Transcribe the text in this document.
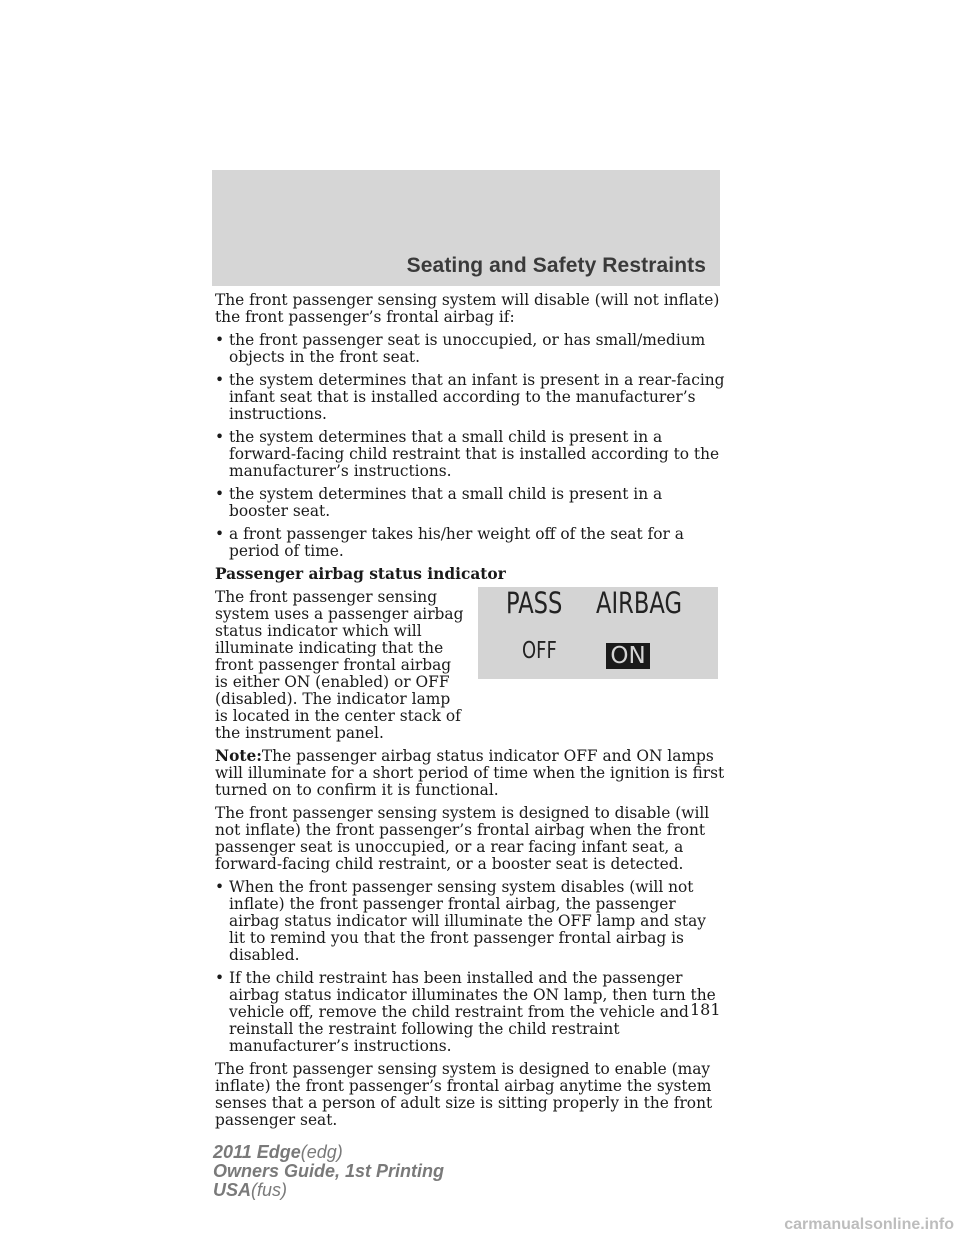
Seating and Safety Restraints

The front passenger sensing system will disable (will not inflate) the front passenger’s frontal airbag if:

• the front passenger seat is unoccupied, or has small/medium objects in the front seat.
• the system determines that an infant is present in a rear-facing infant seat that is installed according to the manufacturer’s instructions.
• the system determines that a small child is present in a forward-facing child restraint that is installed according to the manufacturer’s instructions.
• the system determines that a small child is present in a booster seat.
• a front passenger takes his/her weight off of the seat for a period of time.
Passenger airbag status indicator

The front passenger sensing system uses a passenger airbag status indicator which will illuminate indicating that the front passenger frontal airbag is either ON (enabled) or OFF (disabled). The indicator lamp is located in the center stack of the instrument panel.

PASS AIRBAG
OFF ON

Note:The passenger airbag status indicator OFF and ON lamps will illuminate for a short period of time when the ignition is first turned on to confirm it is functional.

The front passenger sensing system is designed to disable (will not inflate) the front passenger’s frontal airbag when the front passenger seat is unoccupied, or a rear facing infant seat, a forward-facing child restraint, or a booster seat is detected.

• When the front passenger sensing system disables (will not inflate) the front passenger frontal airbag, the passenger airbag status indicator will illuminate the OFF lamp and stay lit to remind you that the front passenger frontal airbag is disabled.
• If the child restraint has been installed and the passenger airbag status indicator illuminates the ON lamp, then turn the vehicle off, remove the child restraint from the vehicle and reinstall the restraint following the child restraint manufacturer’s instructions.

The front passenger sensing system is designed to enable (may inflate) the front passenger’s frontal airbag anytime the system senses that a person of adult size is sitting properly in the front passenger seat.

181
2011 Edge(edg)
Owners Guide, 1st Printing
USA(fus)
carmanualsonline.info
